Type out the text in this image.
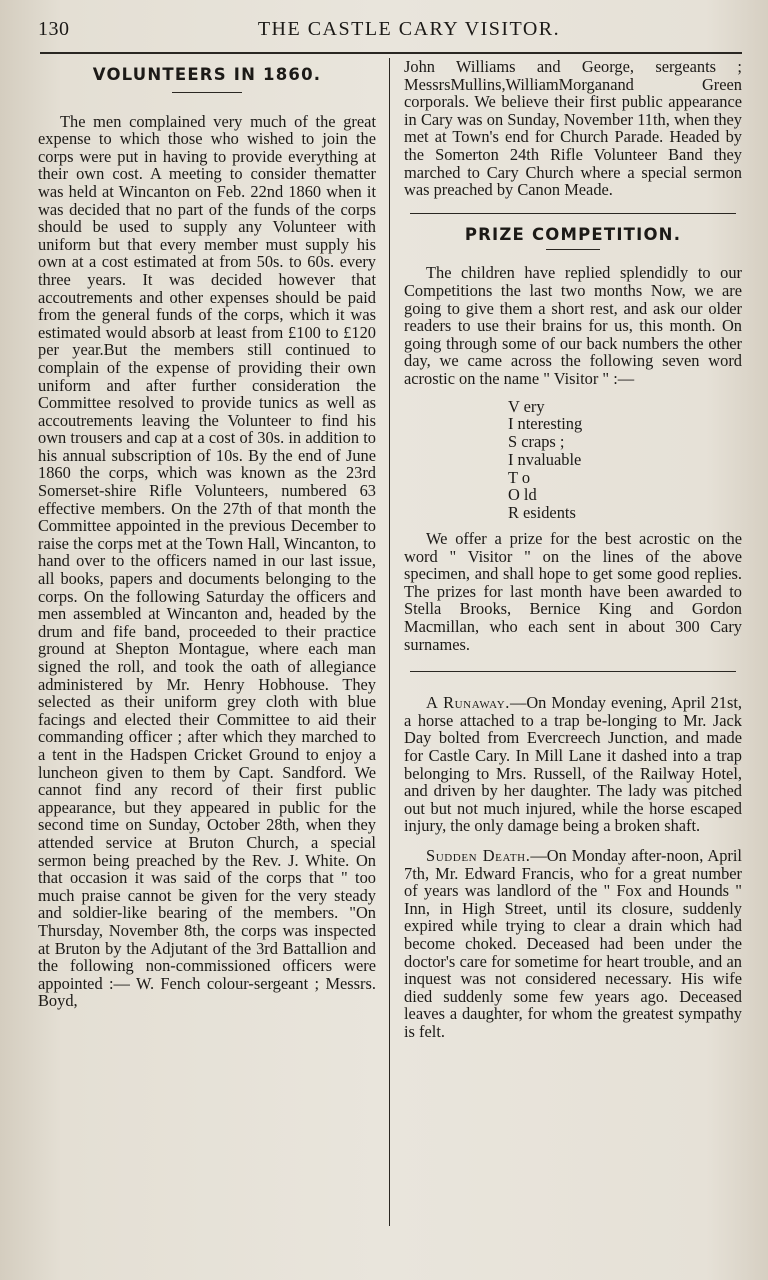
130	THE CASTLE CARY VISITOR.
VOLUNTEERS IN 1860.

The men complained very much of the great expense to which those who wished to join the corps were put in having to provide everything at their own cost. A meeting to consider thematter was held at Wincanton on Feb. 22nd 1860 when it was decided that no part of the funds of the corps should be used to supply any Volunteer with uniform but that every member must supply his own at a cost estimated at from 50s. to 60s. every three years. It was decided however that accoutrements and other expenses should be paid from the general funds of the corps, which it was estimated would absorb at least from £100 to £120 per year.But the members still continued to complain of the expense of providing their own uniform and after further consideration the Committee resolved to provide tunics as well as accoutrements leaving the Volunteer to find his own trousers and cap at a cost of 30s. in addition to his annual subscription of 10s. By the end of June 1860 the corps, which was known as the 23rd Somerset-shire Rifle Volunteers, numbered 63 effective members. On the 27th of that month the Committee appointed in the previous December to raise the corps met at the Town Hall, Wincanton, to hand over to the officers named in our last issue, all books, papers and documents belonging to the corps. On the following Saturday the officers and men assembled at Wincanton and, headed by the drum and fife band, proceeded to their practice ground at Shepton Montague, where each man signed the roll, and took the oath of allegiance administered by Mr. Henry Hobhouse. They selected as their uniform grey cloth with blue facings and elected their Committee to aid their commanding officer ; after which they marched to a tent in the Hadspen Cricket Ground to enjoy a luncheon given to them by Capt. Sandford. We cannot find any record of their first public appearance, but they appeared in public for the second time on Sunday, October 28th, when they attended service at Bruton Church, a special sermon being preached by the Rev. J. White. On that occasion it was said of the corps that " too much praise cannot be given for the very steady and soldier-like bearing of the members. "On Thursday, November 8th, the corps was inspected at Bruton by the Adjutant of the 3rd Battallion and the following non-commissioned officers were appointed :— W. Fench colour-sergeant ; Messrs. Boyd,

John Williams and George, sergeants ; MessrsMullins,WilliamMorganand Green corporals. We believe their first public appearance in Cary was on Sunday, November 11th, when they met at Town's end for Church Parade. Headed by the Somerton 24th Rifle Volunteer Band they marched to Cary Church where a special sermon was preached by Canon Meade.

PRIZE COMPETITION.

The children have replied splendidly to our Competitions the last two months Now, we are going to give them a short rest, and ask our older readers to use their brains for us, this month. On going through some of our back numbers the other day, we came across the following seven word acrostic on the name " Visitor " :—

V ery
I nteresting
S craps ;
I nvaluable
T o
O ld
R esidents

We offer a prize for the best acrostic on the word " Visitor " on the lines of the above specimen, and shall hope to get some good replies. The prizes for last month have been awarded to Stella Brooks, Bernice King and Gordon Macmillan, who each sent in about 300 Cary surnames.

A Runaway.—On Monday evening, April 21st, a horse attached to a trap be-longing to Mr. Jack Day bolted from Evercreech Junction, and made for Castle Cary. In Mill Lane it dashed into a trap belonging to Mrs. Russell, of the Railway Hotel, and driven by her daughter. The lady was pitched out but not much injured, while the horse escaped injury, the only damage being a broken shaft.

Sudden Death.—On Monday after-noon, April 7th, Mr. Edward Francis, who for a great number of years was landlord of the " Fox and Hounds " Inn, in High Street, until its closure, suddenly expired while trying to clear a drain which had become choked. Deceased had been under the doctor's care for sometime for heart trouble, and an inquest was not considered necessary. His wife died suddenly some few years ago. Deceased leaves a daughter, for whom the greatest sympathy is felt.
